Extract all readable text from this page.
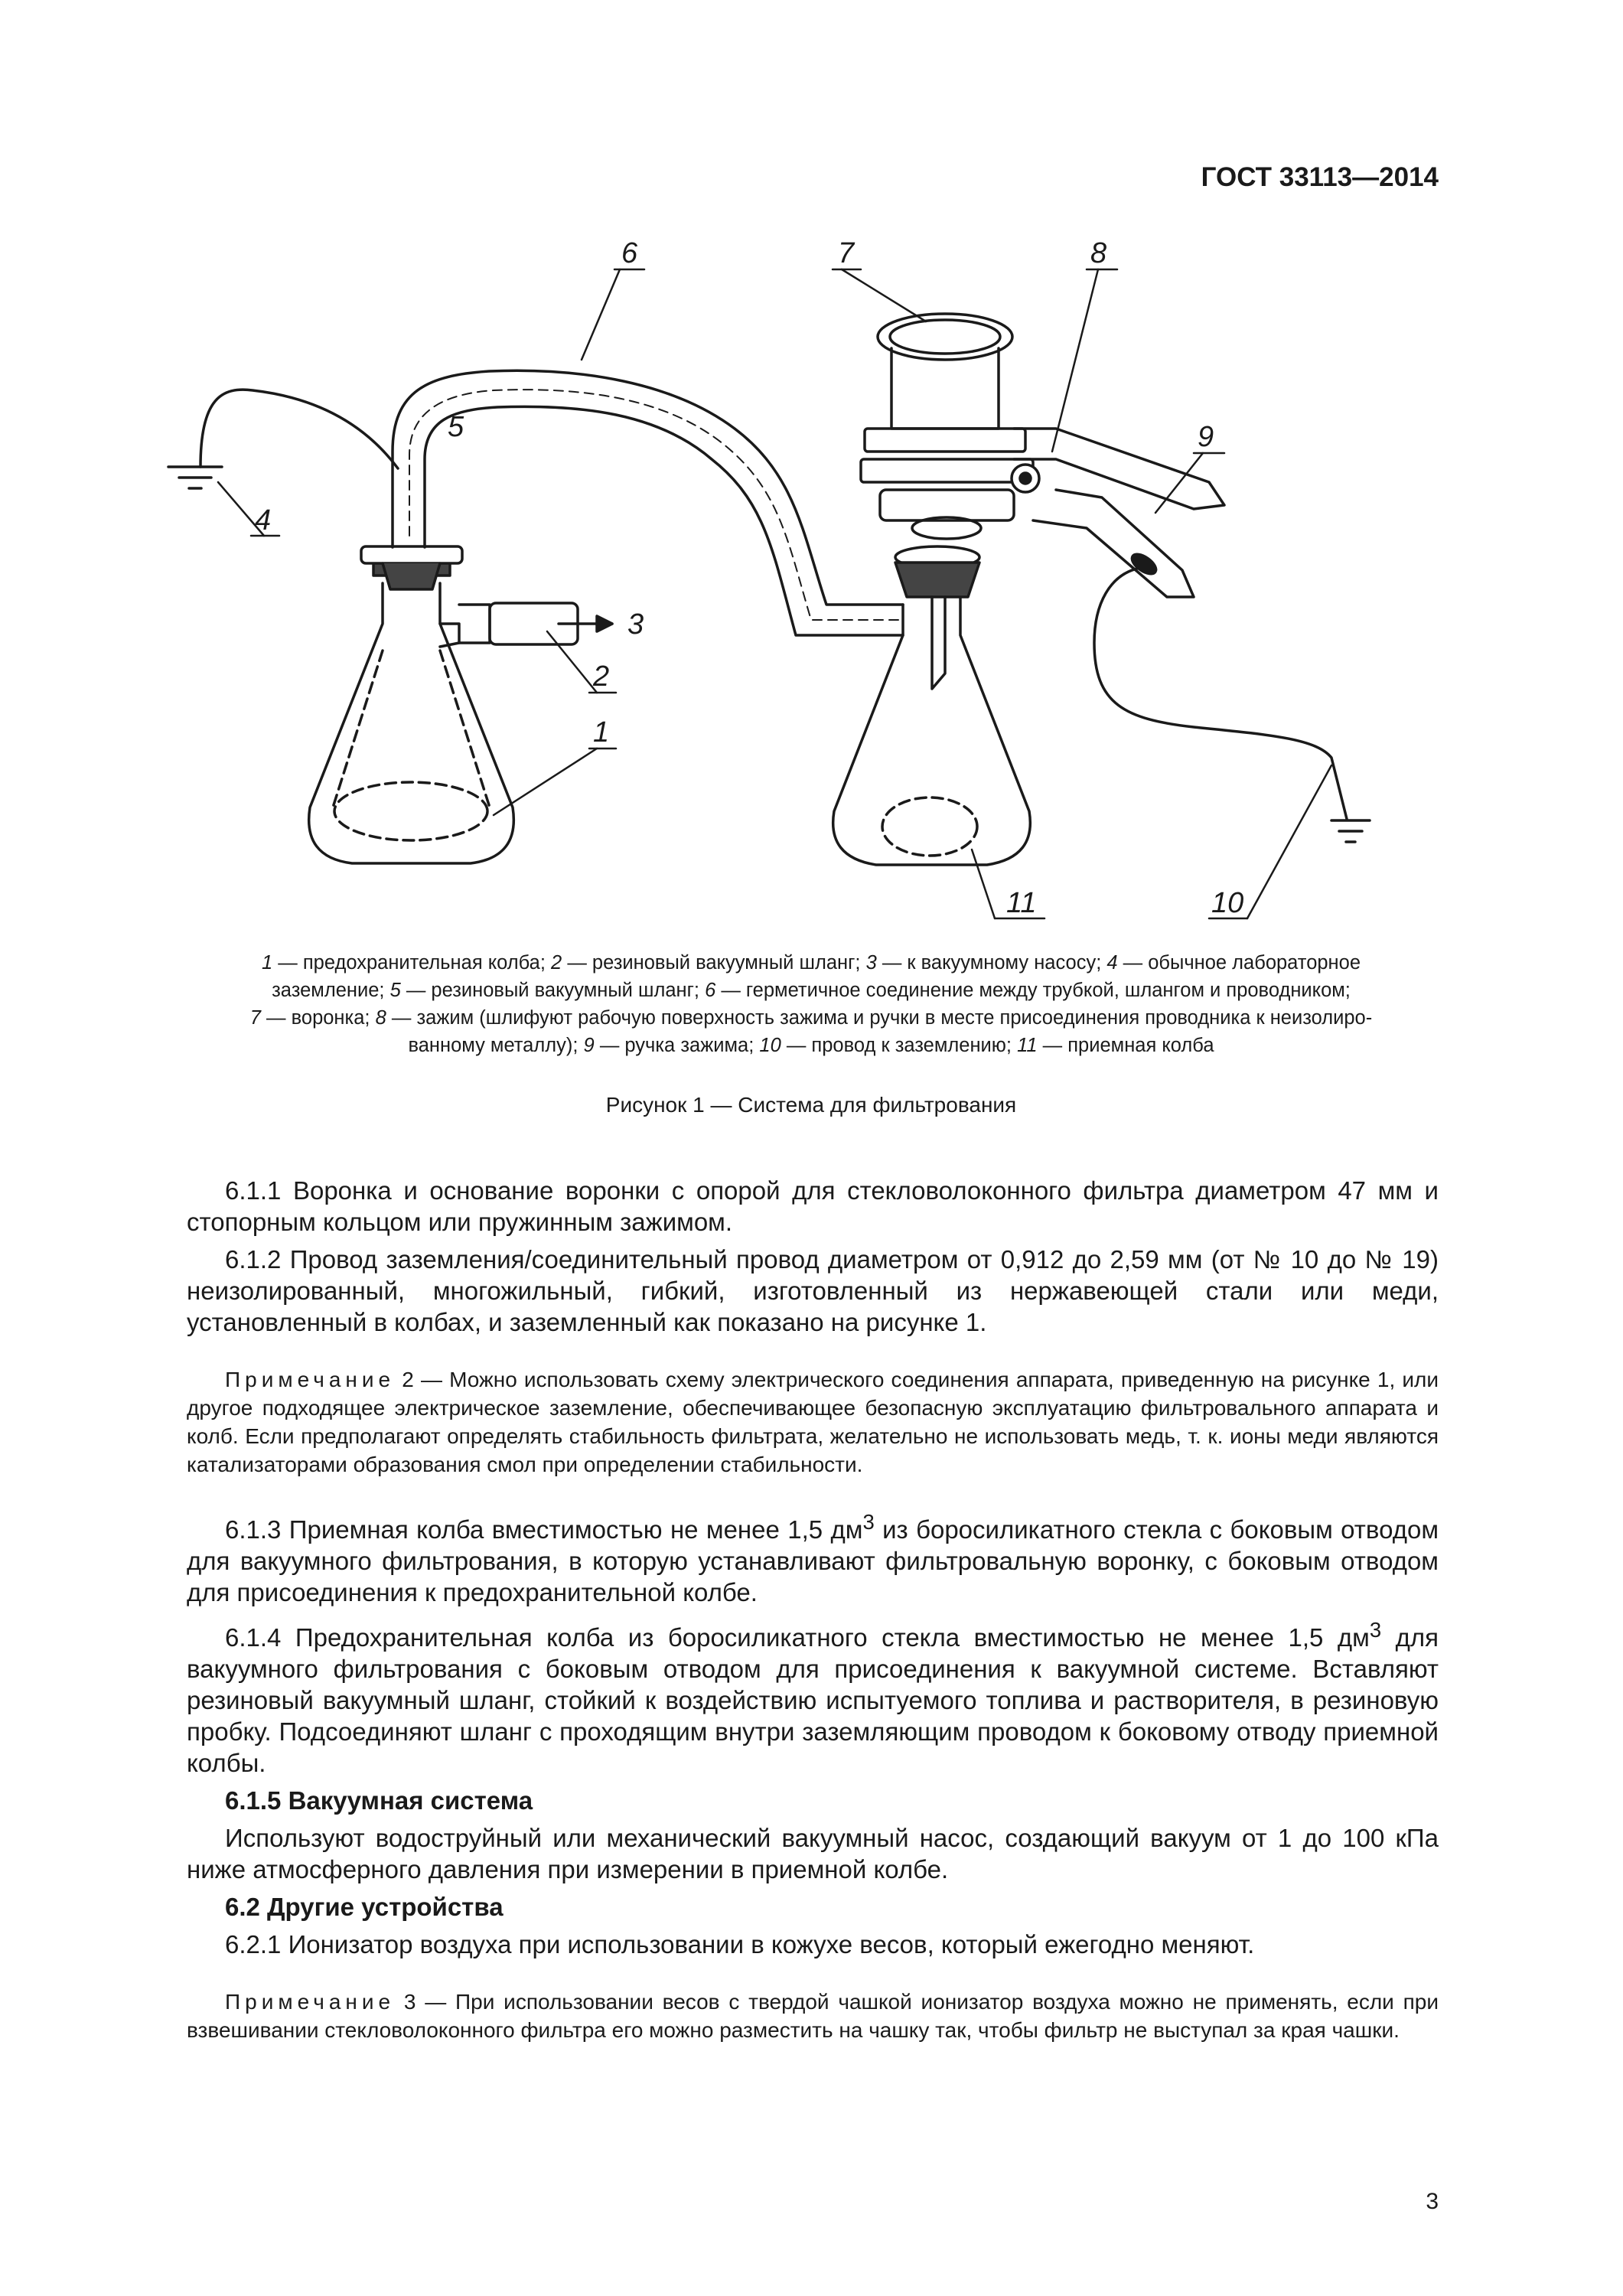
ГОСТ 33113—2014
6
5
7	8
9
4
3
2
1
11	10

1 — предохранительная колба; 2 — резиновый вакуумный шланг; 3 — к вакуумному насосу; 4 — обычное лабораторное

заземление; 5 — резиновый вакуумный шланг; 6 — герметичное соединение между трубкой, шлангом и проводником;

7 — воронка; 8 — зажим (шлифуют рабочую поверхность зажима и ручки в месте присоединения проводника к неизолиро-

ванному металлу); 9 — ручка зажима; 10 — провод к заземлению; 11 — приемная колба

Рисунок 1 — Система для фильтрования

6.1.1 Воронка и основание воронки с опорой для стекловолоконного фильтра диаметром 47 мм и стопорным кольцом или пружинным зажимом.

6.1.2 Провод заземления/соединительный провод диаметром от 0,912 до 2,59 мм (от № 10 до № 19) неизолированный, многожильный, гибкий, изготовленный из нержавеющей стали или меди, установленный в колбах, и заземленный как показано на рисунке 1.

Примечание 2 — Можно использовать схему электрического соединения аппарата, приведенную на рисунке 1, или другое подходящее электрическое заземление, обеспечивающее безопасную эксплуатацию фильтровального аппарата и колб. Если предполагают определять стабильность фильтрата, желательно не использовать медь, т. к. ионы меди являются катализаторами образования смол при определении стабильности.

6.1.3 Приемная колба вместимостью не менее 1,5 $дм^3$ из боросиликатного стекла с боковым отводом для вакуумного фильтрования, в которую устанавливают фильтровальную воронку, с боковым отводом для присоединения к предохранительной колбе.

6.1.4 Предохранительная колба из боросиликатного стекла вместимостью не менее 1,5 $дм^3$ для вакуумного фильтрования с боковым отводом для присоединения к вакуумной системе. Вставляют резиновый вакуумный шланг, стойкий к воздействию испытуемого топлива и растворителя, в резиновую пробку. Подсоединяют шланг с проходящим внутри заземляющим проводом к боковому отводу приемной колбы.

6.1.5 Вакуумная система

Используют водоструйный или механический вакуумный насос, создающий вакуум от 1 до 100 кПа ниже атмосферного давления при измерении в приемной колбе.

6.2 Другие устройства

6.2.1 Ионизатор воздуха при использовании в кожухе весов, который ежегодно меняют.

Примечание 3 — При использовании весов с твердой чашкой ионизатор воздуха можно не применять, если при взвешивании стекловолоконного фильтра его можно разместить на чашку так, чтобы фильтр не выступал за края чашки.

3
